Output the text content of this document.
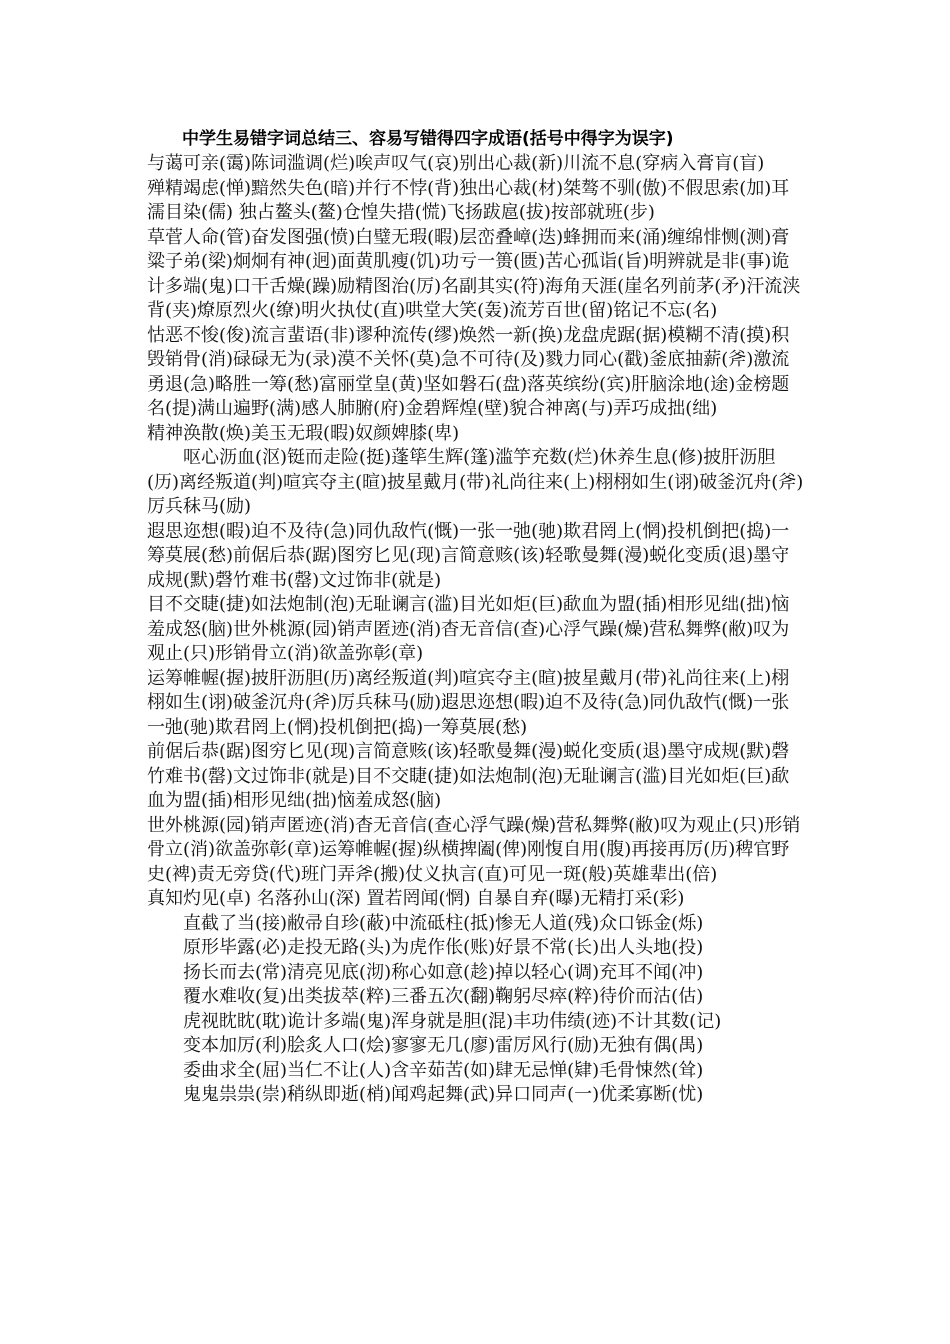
中学生易错字词总结三、容易写错得四字成语(括号中得字为误字)

与蔼可亲(霭)陈词滥调(烂)唉声叹气(哀)别出心裁(新)川流不息(穿病入膏肓(盲)

殚精竭虑(惮)黯然失色(暗)并行不悖(背)独出心裁(材)桀骜不驯(傲)不假思索(加)耳濡目染(儒) 独占鳌头(鳌)仓惶失措(慌)飞扬跋扈(拔)按部就班(步)

草菅人命(管)奋发图强(愤)白璧无瑕(暇)层峦叠嶂(迭)蜂拥而来(涌)缠绵悱恻(测)膏粱子弟(梁)炯炯有神(迥)面黄肌瘦(饥)功亏一篑(匮)苦心孤诣(旨)明辨就是非(事)诡计多端(鬼)口干舌燥(躁)励精图治(厉)名副其实(符)海角天涯(崖名列前茅(矛)汗流浃背(夹)燎原烈火(缭)明火执仗(直)哄堂大笑(轰)流芳百世(留)铭记不忘(名)

怙恶不悛(俊)流言蜚语(非)谬种流传(缪)焕然一新(换)龙盘虎踞(据)模糊不清(摸)积毁销骨(消)碌碌无为(录)漠不关怀(莫)急不可待(及)戮力同心(戳)釜底抽薪(斧)激流勇退(急)略胜一筹(愁)富丽堂皇(黄)坚如磐石(盘)落英缤纷(宾)肝脑涂地(途)金榜题名(提)满山遍野(满)感人肺腑(府)金碧辉煌(壁)貌合神离(与)弄巧成拙(绌)

精神涣散(焕)美玉无瑕(暇)奴颜婢膝(卑)

呕心沥血(沤)铤而走险(挺)蓬筚生辉(篷)滥竽充数(烂)休养生息(修)披肝沥胆(历)离经叛道(判)喧宾夺主(暄)披星戴月(带)礼尚往来(上)栩栩如生(诩)破釜沉舟(斧)厉兵秣马(励)

遐思迩想(暇)迫不及待(急)同仇敌忾(慨)一张一弛(驰)欺君罔上(惘)投机倒把(捣)一筹莫展(愁)前倨后恭(踞)图穷匕见(现)言简意赅(该)轻歌曼舞(漫)蜕化变质(退)墨守成规(默)磬竹难书(罄)文过饰非(就是)

目不交睫(捷)如法炮制(泡)无耻谰言(滥)目光如炬(巨)歃血为盟(插)相形见绌(拙)恼羞成怒(脑)世外桃源(园)销声匿迹(消)杳无音信(查)心浮气躁(燥)营私舞弊(敝)叹为观止(只)形销骨立(消)欲盖弥彰(章)

运筹帷幄(握)披肝沥胆(历)离经叛道(判)喧宾夺主(暄)披星戴月(带)礼尚往来(上)栩栩如生(诩)破釜沉舟(斧)厉兵秣马(励)遐思迩想(暇)迫不及待(急)同仇敌忾(慨)一张一弛(驰)欺君罔上(惘)投机倒把(捣)一筹莫展(愁)

前倨后恭(踞)图穷匕见(现)言简意赅(该)轻歌曼舞(漫)蜕化变质(退)墨守成规(默)磬竹难书(罄)文过饰非(就是)目不交睫(捷)如法炮制(泡)无耻谰言(滥)目光如炬(巨)歃血为盟(插)相形见绌(拙)恼羞成怒(脑)

世外桃源(园)销声匿迹(消)杳无音信(查心浮气躁(燥)营私舞弊(敝)叹为观止(只)形销骨立(消)欲盖弥彰(章)运筹帷幄(握)纵横捭阖(俾)刚愎自用(腹)再接再厉(历)稗官野史(裨)责无旁贷(代)班门弄斧(搬)仗义执言(直)可见一斑(般)英雄辈出(倍)

真知灼见(卓) 名落孙山(深) 置若罔闻(惘) 自暴自弃(曝)无精打采(彩)

直截了当(接)敝帚自珍(蔽)中流砥柱(抵)惨无人道(残)众口铄金(烁)

原形毕露(必)走投无路(头)为虎作伥(账)好景不常(长)出人头地(投)

扬长而去(常)清亮见底(沏)称心如意(趁)掉以轻心(调)充耳不闻(冲)

覆水难收(复)出类拔萃(粹)三番五次(翻)鞠躬尽瘁(粹)待价而沽(估)

虎视眈眈(耽)诡计多端(鬼)浑身就是胆(混)丰功伟绩(迹)不计其数(记)

变本加厉(利)脍炙人口(烩)寥寥无几(廖)雷厉风行(励)无独有偶(禺)

委曲求全(屈)当仁不让(人)含辛茹苦(如)肆无忌惮(肄)毛骨悚然(耸)

鬼鬼祟祟(崇)稍纵即逝(梢)闻鸡起舞(武)异口同声(一)优柔寡断(忧)
